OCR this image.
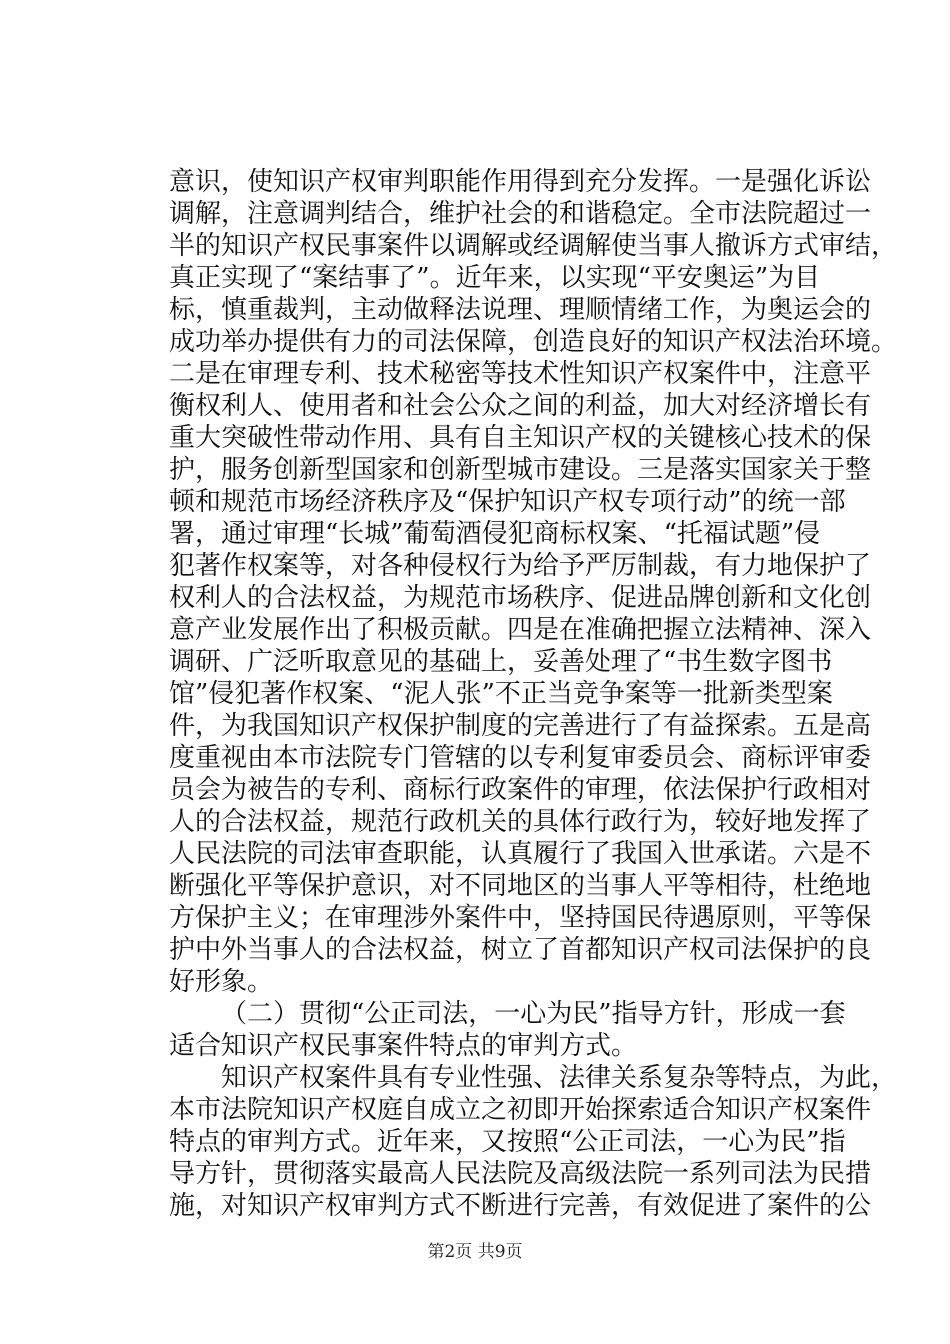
意识，使知识产权审判职能作用得到充分发挥。一是强化诉讼
调解，注意调判结合，维护社会的和谐稳定。全市法院超过一
半的知识产权民事案件以调解或经调解使当事人撤诉方式审结，
真正实现了“案结事了”。近年来，以实现“平安奥运”为目
标，慎重裁判，主动做释法说理、理顺情绪工作，为奥运会的
成功举办提供有力的司法保障，创造良好的知识产权法治环境。
二是在审理专利、技术秘密等技术性知识产权案件中，注意平
衡权利人、使用者和社会公众之间的利益，加大对经济增长有
重大突破性带动作用、具有自主知识产权的关键核心技术的保
护，服务创新型国家和创新型城市建设。三是落实国家关于整
顿和规范市场经济秩序及“保护知识产权专项行动”的统一部
署，通过审理“长城”葡萄酒侵犯商标权案、“托福试题”侵
犯著作权案等，对各种侵权行为给予严厉制裁，有力地保护了
权利人的合法权益，为规范市场秩序、促进品牌创新和文化创
意产业发展作出了积极贡献。四是在准确把握立法精神、深入
调研、广泛听取意见的基础上，妥善处理了“书生数字图书
馆”侵犯著作权案、“泥人张”不正当竞争案等一批新类型案
件，为我国知识产权保护制度的完善进行了有益探索。五是高
度重视由本市法院专门管辖的以专利复审委员会、商标评审委
员会为被告的专利、商标行政案件的审理，依法保护行政相对
人的合法权益，规范行政机关的具体行政行为，较好地发挥了
人民法院的司法审查职能，认真履行了我国入世承诺。六是不
断强化平等保护意识，对不同地区的当事人平等相待，杜绝地
方保护主义；在审理涉外案件中，坚持国民待遇原则，平等保
护中外当事人的合法权益，树立了首都知识产权司法保护的良
好形象。
（二）贯彻“公正司法，一心为民”指导方针，形成一套
适合知识产权民事案件特点的审判方式。
知识产权案件具有专业性强、法律关系复杂等特点，为此，
本市法院知识产权庭自成立之初即开始探索适合知识产权案件
特点的审判方式。近年来，又按照“公正司法，一心为民”指
导方针，贯彻落实最高人民法院及高级法院一系列司法为民措
施，对知识产权审判方式不断进行完善，有效促进了案件的公
第2页 共9页
